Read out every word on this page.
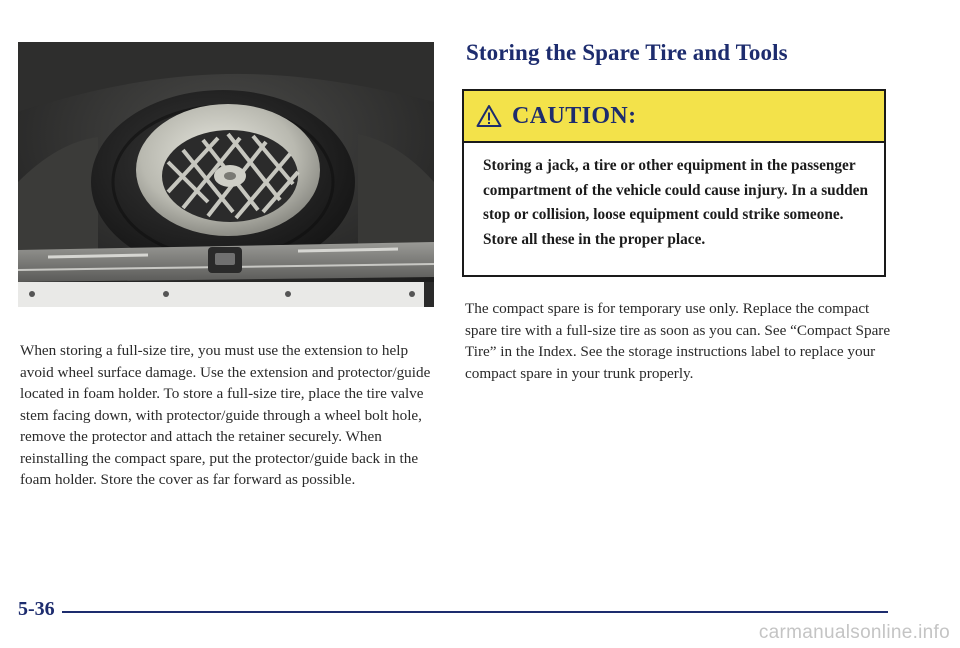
When storing a full-size tire, you must use the extension to help avoid wheel surface damage. Use the extension and protector/guide located in foam holder. To store a full-size tire, place the tire valve stem facing down, with protector/guide through a wheel bolt hole, remove the protector and attach the retainer securely. When reinstalling the compact spare, put the protector/guide back in the foam holder. Store the cover as far forward as possible.

Storing the Spare Tire and Tools
CAUTION:

Storing a jack, a tire or other equipment in the passenger compartment of the vehicle could cause injury. In a sudden stop or collision, loose equipment could strike someone. Store all these in the proper place.

The compact spare is for temporary use only. Replace the compact spare tire with a full-size tire as soon as you can. See “Compact Spare Tire” in the Index. See the storage instructions label to replace your compact spare in your trunk properly.

5-36

carmanualsonline.info
